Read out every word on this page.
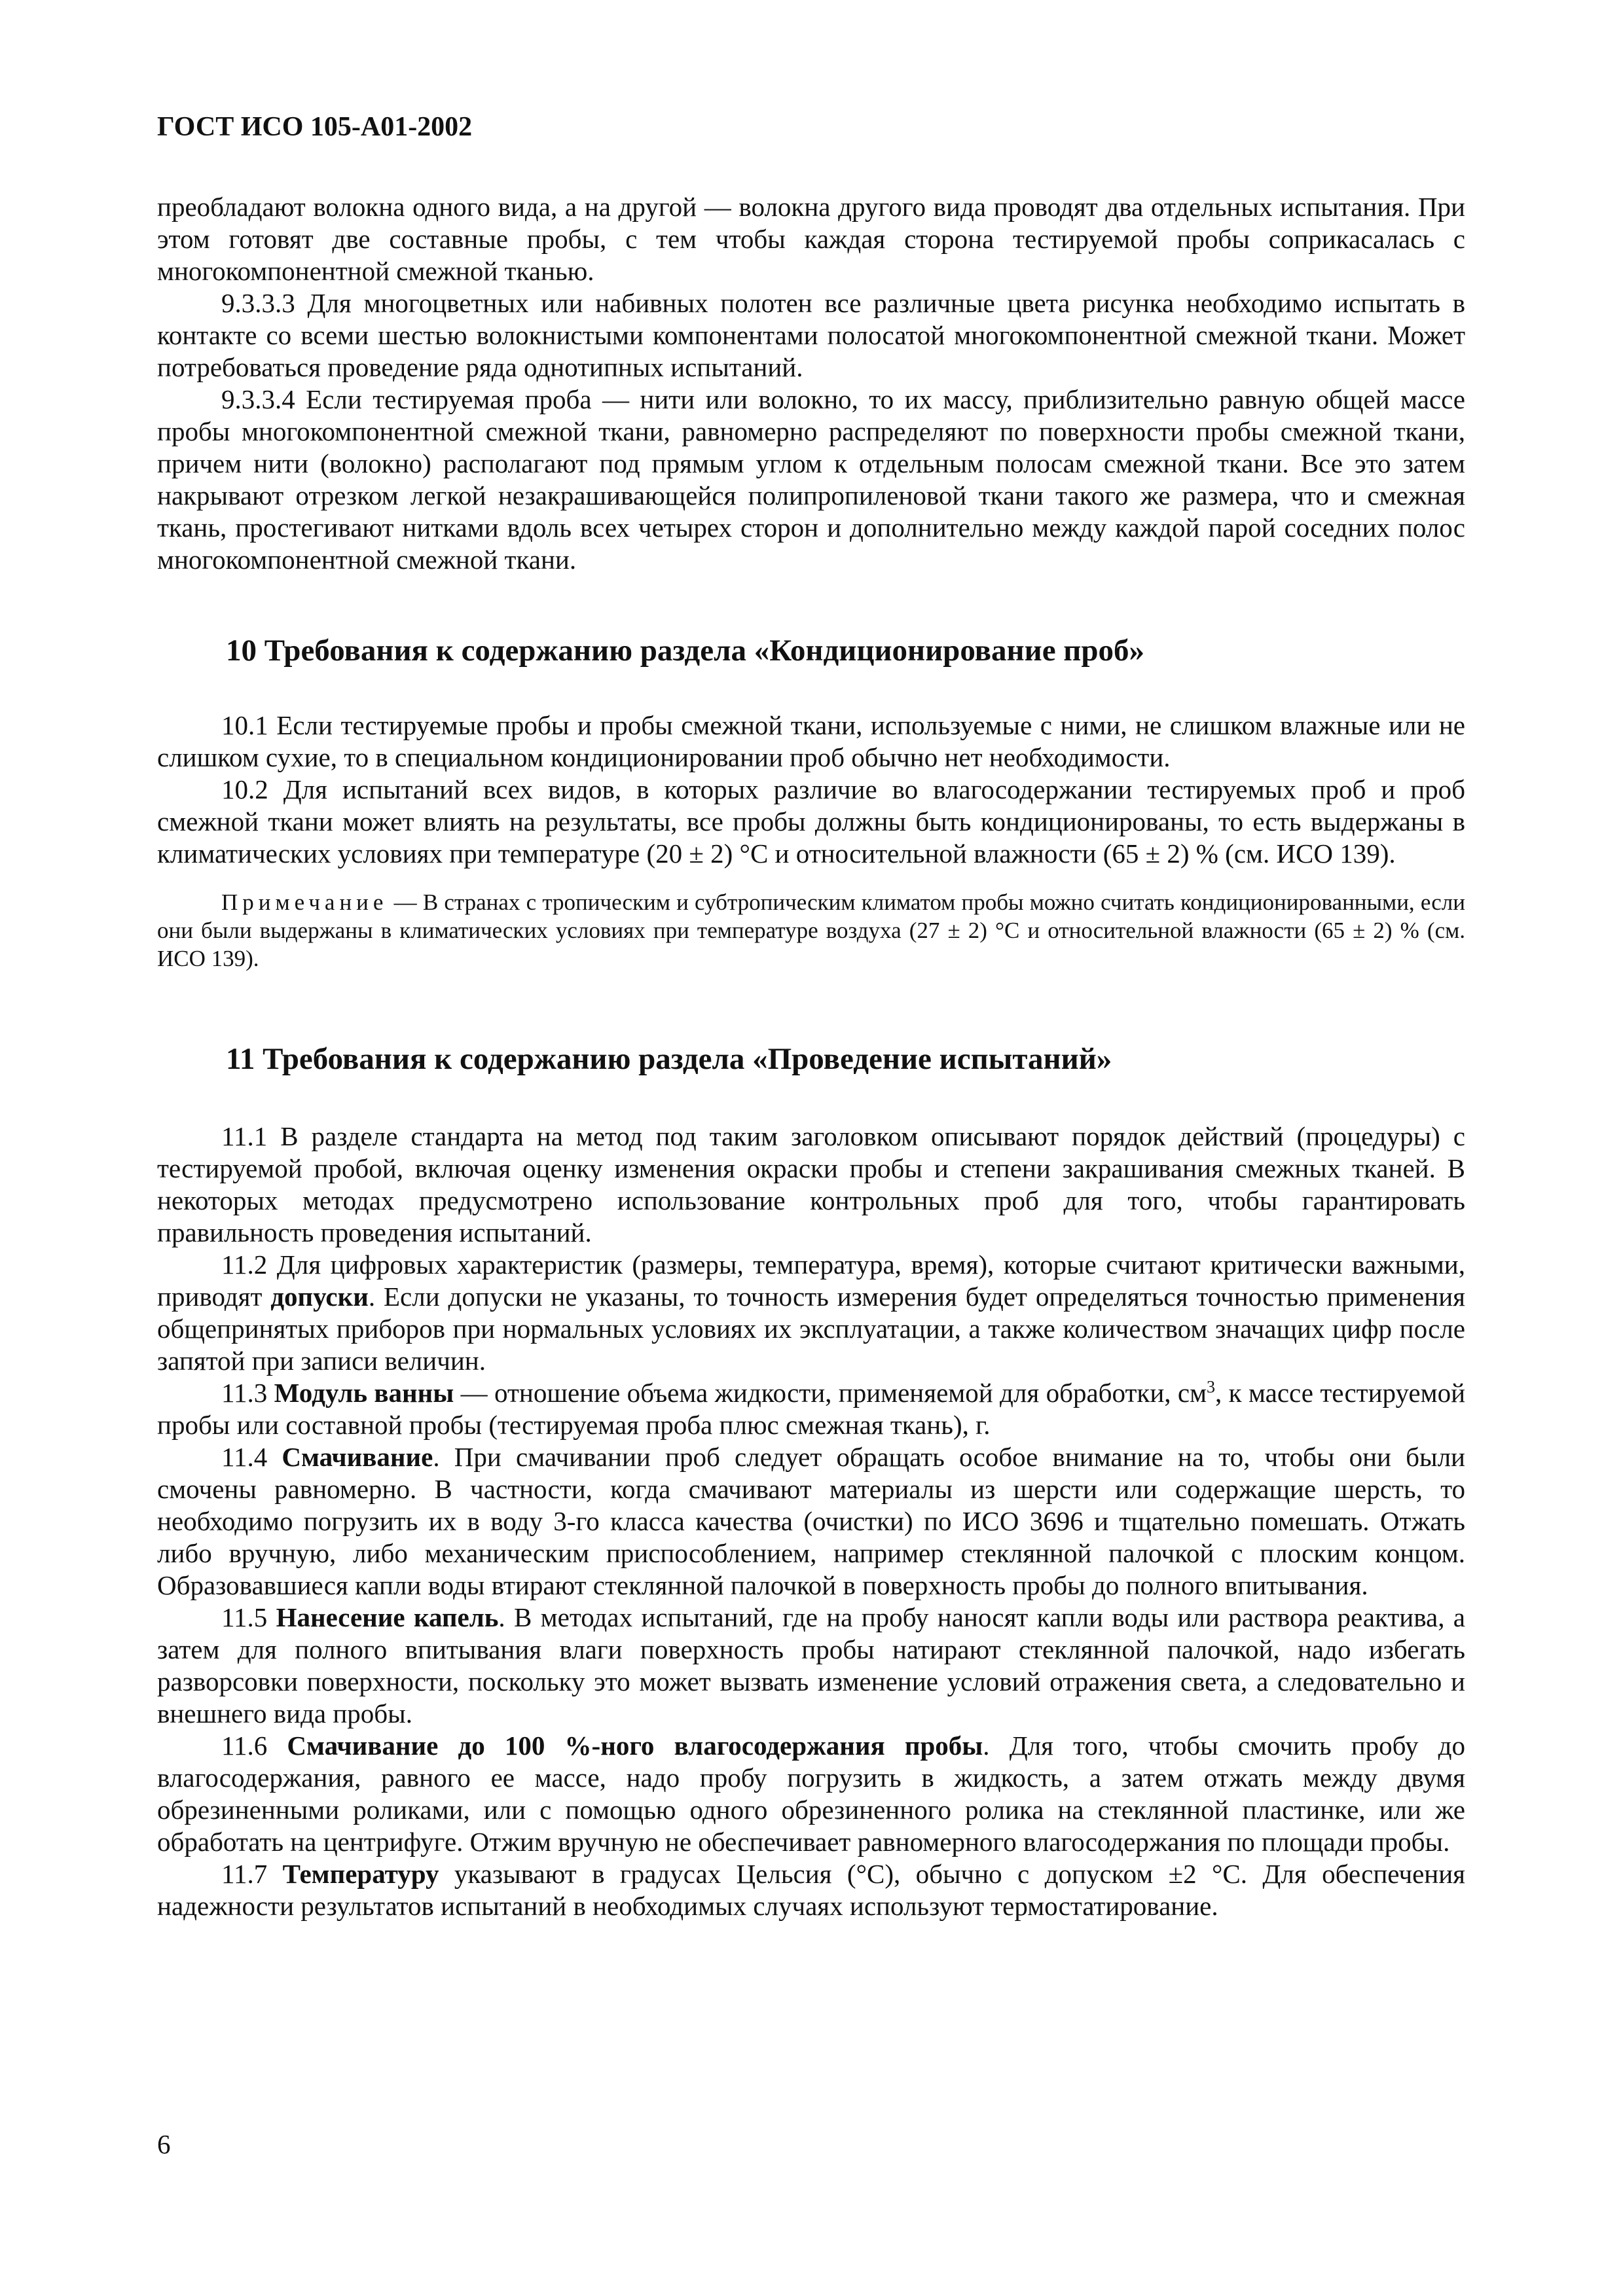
ГОСТ ИСО 105-А01-2002

преобладают волокна одного вида, а на другой — волокна другого вида проводят два отдельных испытания. При этом готовят две составные пробы, с тем чтобы каждая сторона тестируемой пробы соприкасалась с многокомпонентной смежной тканью.

9.3.3.3 Для многоцветных или набивных полотен все различные цвета рисунка необходимо испытать в контакте со всеми шестью волокнистыми компонентами полосатой многокомпонентной смежной ткани. Может потребоваться проведение ряда однотипных испытаний.

9.3.3.4 Если тестируемая проба — нити или волокно, то их массу, приблизительно равную общей массе пробы многокомпонентной смежной ткани, равномерно распределяют по поверхности пробы смежной ткани, причем нити (волокно) располагают под прямым углом к отдельным полосам смежной ткани. Все это затем накрывают отрезком легкой незакрашивающейся полипропиленовой ткани такого же размера, что и смежная ткань, простегивают нитками вдоль всех четырех сторон и дополнительно между каждой парой соседних полос многокомпонентной смежной ткани.

10 Требования к содержанию раздела «Кондиционирование проб»

10.1 Если тестируемые пробы и пробы смежной ткани, используемые с ними, не слишком влажные или не слишком сухие, то в специальном кондиционировании проб обычно нет необходимости.

10.2 Для испытаний всех видов, в которых различие во влагосодержании тестируемых проб и проб смежной ткани может влиять на результаты, все пробы должны быть кондиционированы, то есть выдержаны в климатических условиях при температуре (20 ± 2) °C и относительной влажности (65 ± 2) % (см. ИСО 139).

Примечание — В странах с тропическим и субтропическим климатом пробы можно считать кондиционированными, если они были выдержаны в климатических условиях при температуре воздуха (27 ± 2) °C и относительной влажности (65 ± 2) % (см. ИСО 139).

11 Требования к содержанию раздела «Проведение испытаний»

11.1 В разделе стандарта на метод под таким заголовком описывают порядок действий (процедуры) с тестируемой пробой, включая оценку изменения окраски пробы и степени закрашивания смежных тканей. В некоторых методах предусмотрено использование контрольных проб для того, чтобы гарантировать правильность проведения испытаний.

11.2 Для цифровых характеристик (размеры, температура, время), которые считают критически важными, приводят допуски. Если допуски не указаны, то точность измерения будет определяться точностью применения общепринятых приборов при нормальных условиях их эксплуатации, а также количеством значащих цифр после запятой при записи величин.

11.3 Модуль ванны — отношение объема жидкости, применяемой для обработки, $см^3$, к массе тестируемой пробы или составной пробы (тестируемая проба плюс смежная ткань), г.

11.4 Смачивание. При смачивании проб следует обращать особое внимание на то, чтобы они были смочены равномерно. В частности, когда смачивают материалы из шерсти или содержащие шерсть, то необходимо погрузить их в воду 3-го класса качества (очистки) по ИСО 3696 и тщательно помешать. Отжать либо вручную, либо механическим приспособлением, например стеклянной палочкой с плоским концом. Образовавшиеся капли воды втирают стеклянной палочкой в поверхность пробы до полного впитывания.

11.5 Нанесение капель. В методах испытаний, где на пробу наносят капли воды или раствора реактива, а затем для полного впитывания влаги поверхность пробы натирают стеклянной палочкой, надо избегать разворсовки поверхности, поскольку это может вызвать изменение условий отражения света, а следовательно и внешнего вида пробы.

11.6 Смачивание до 100 %-ного влагосодержания пробы. Для того, чтобы смочить пробу до влагосодержания, равного ее массе, надо пробу погрузить в жидкость, а затем отжать между двумя обрезиненными роликами, или с помощью одного обрезиненного ролика на стеклянной пластинке, или же обработать на центрифуге. Отжим вручную не обеспечивает равномерного влагосодержания по площади пробы.

11.7 Температуру указывают в градусах Цельсия (°C), обычно с допуском ±2 °C. Для обеспечения надежности результатов испытаний в необходимых случаях используют термостатирование.

6
